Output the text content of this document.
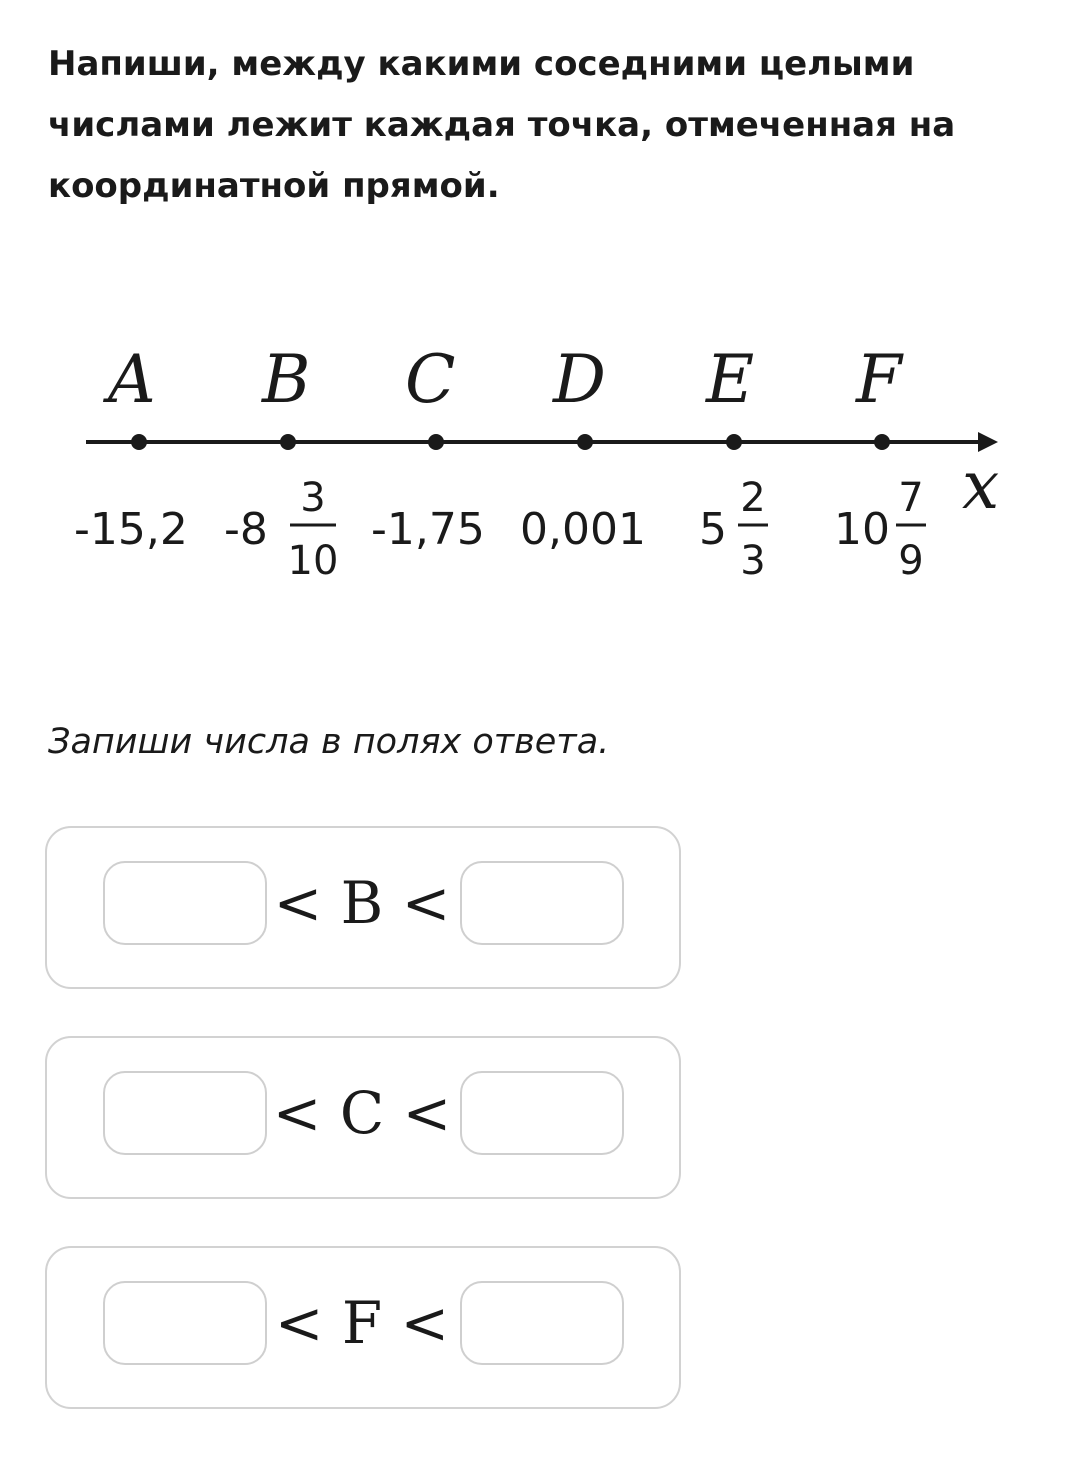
Напиши, между какими соседними целыми числами лежит каждая точка, отмеченная на координатной прямой.
x
A
-15,2
B
-8
3
10
C
-1,75
D
0,001
E
5
2
3
F
10
7
9
Запиши числа в полях ответа.
< B <
< C <
< F <
